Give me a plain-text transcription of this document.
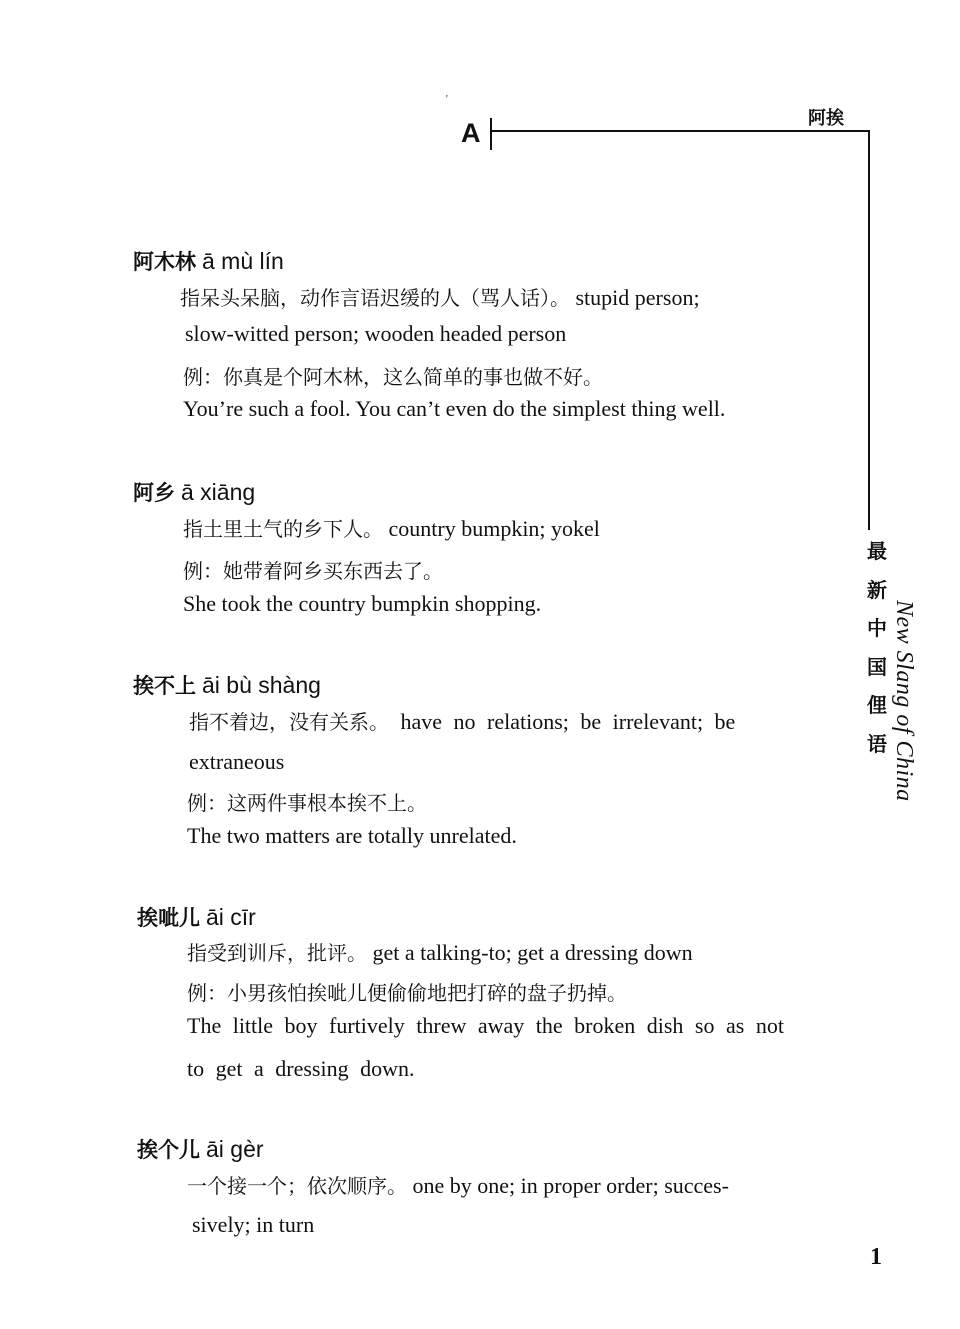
'
A	阿挨
最
新
中
国
俚
语 New Slang of China
阿木林 ā mù lín
指呆头呆脑，动作言语迟缓的人（骂人话）。 stupid person;
slow-witted person; wooden headed person
例：你真是个阿木林，这么简单的事也做不好。
You’re such a fool. You can’t even do the simplest thing well.
阿乡 ā xiāng
指土里土气的乡下人。 country bumpkin; yokel
例：她带着阿乡买东西去了。
She took the country bumpkin shopping.
挨不上 āi bù shàng
指不着边，没有关系。 have no relations; be irrelevant; be
extraneous
例：这两件事根本挨不上。
The two matters are totally unrelated.
挨呲儿 āi cīr
指受到训斥，批评。 get a talking-to; get a dressing down
例：小男孩怕挨呲儿便偷偷地把打碎的盘子扔掉。
The little boy furtively threw away the broken dish so as not
to get a dressing down.
挨个儿 āi gèr
一个接一个；依次顺序。 one by one; in proper order; succes-
sively; in turn
1
